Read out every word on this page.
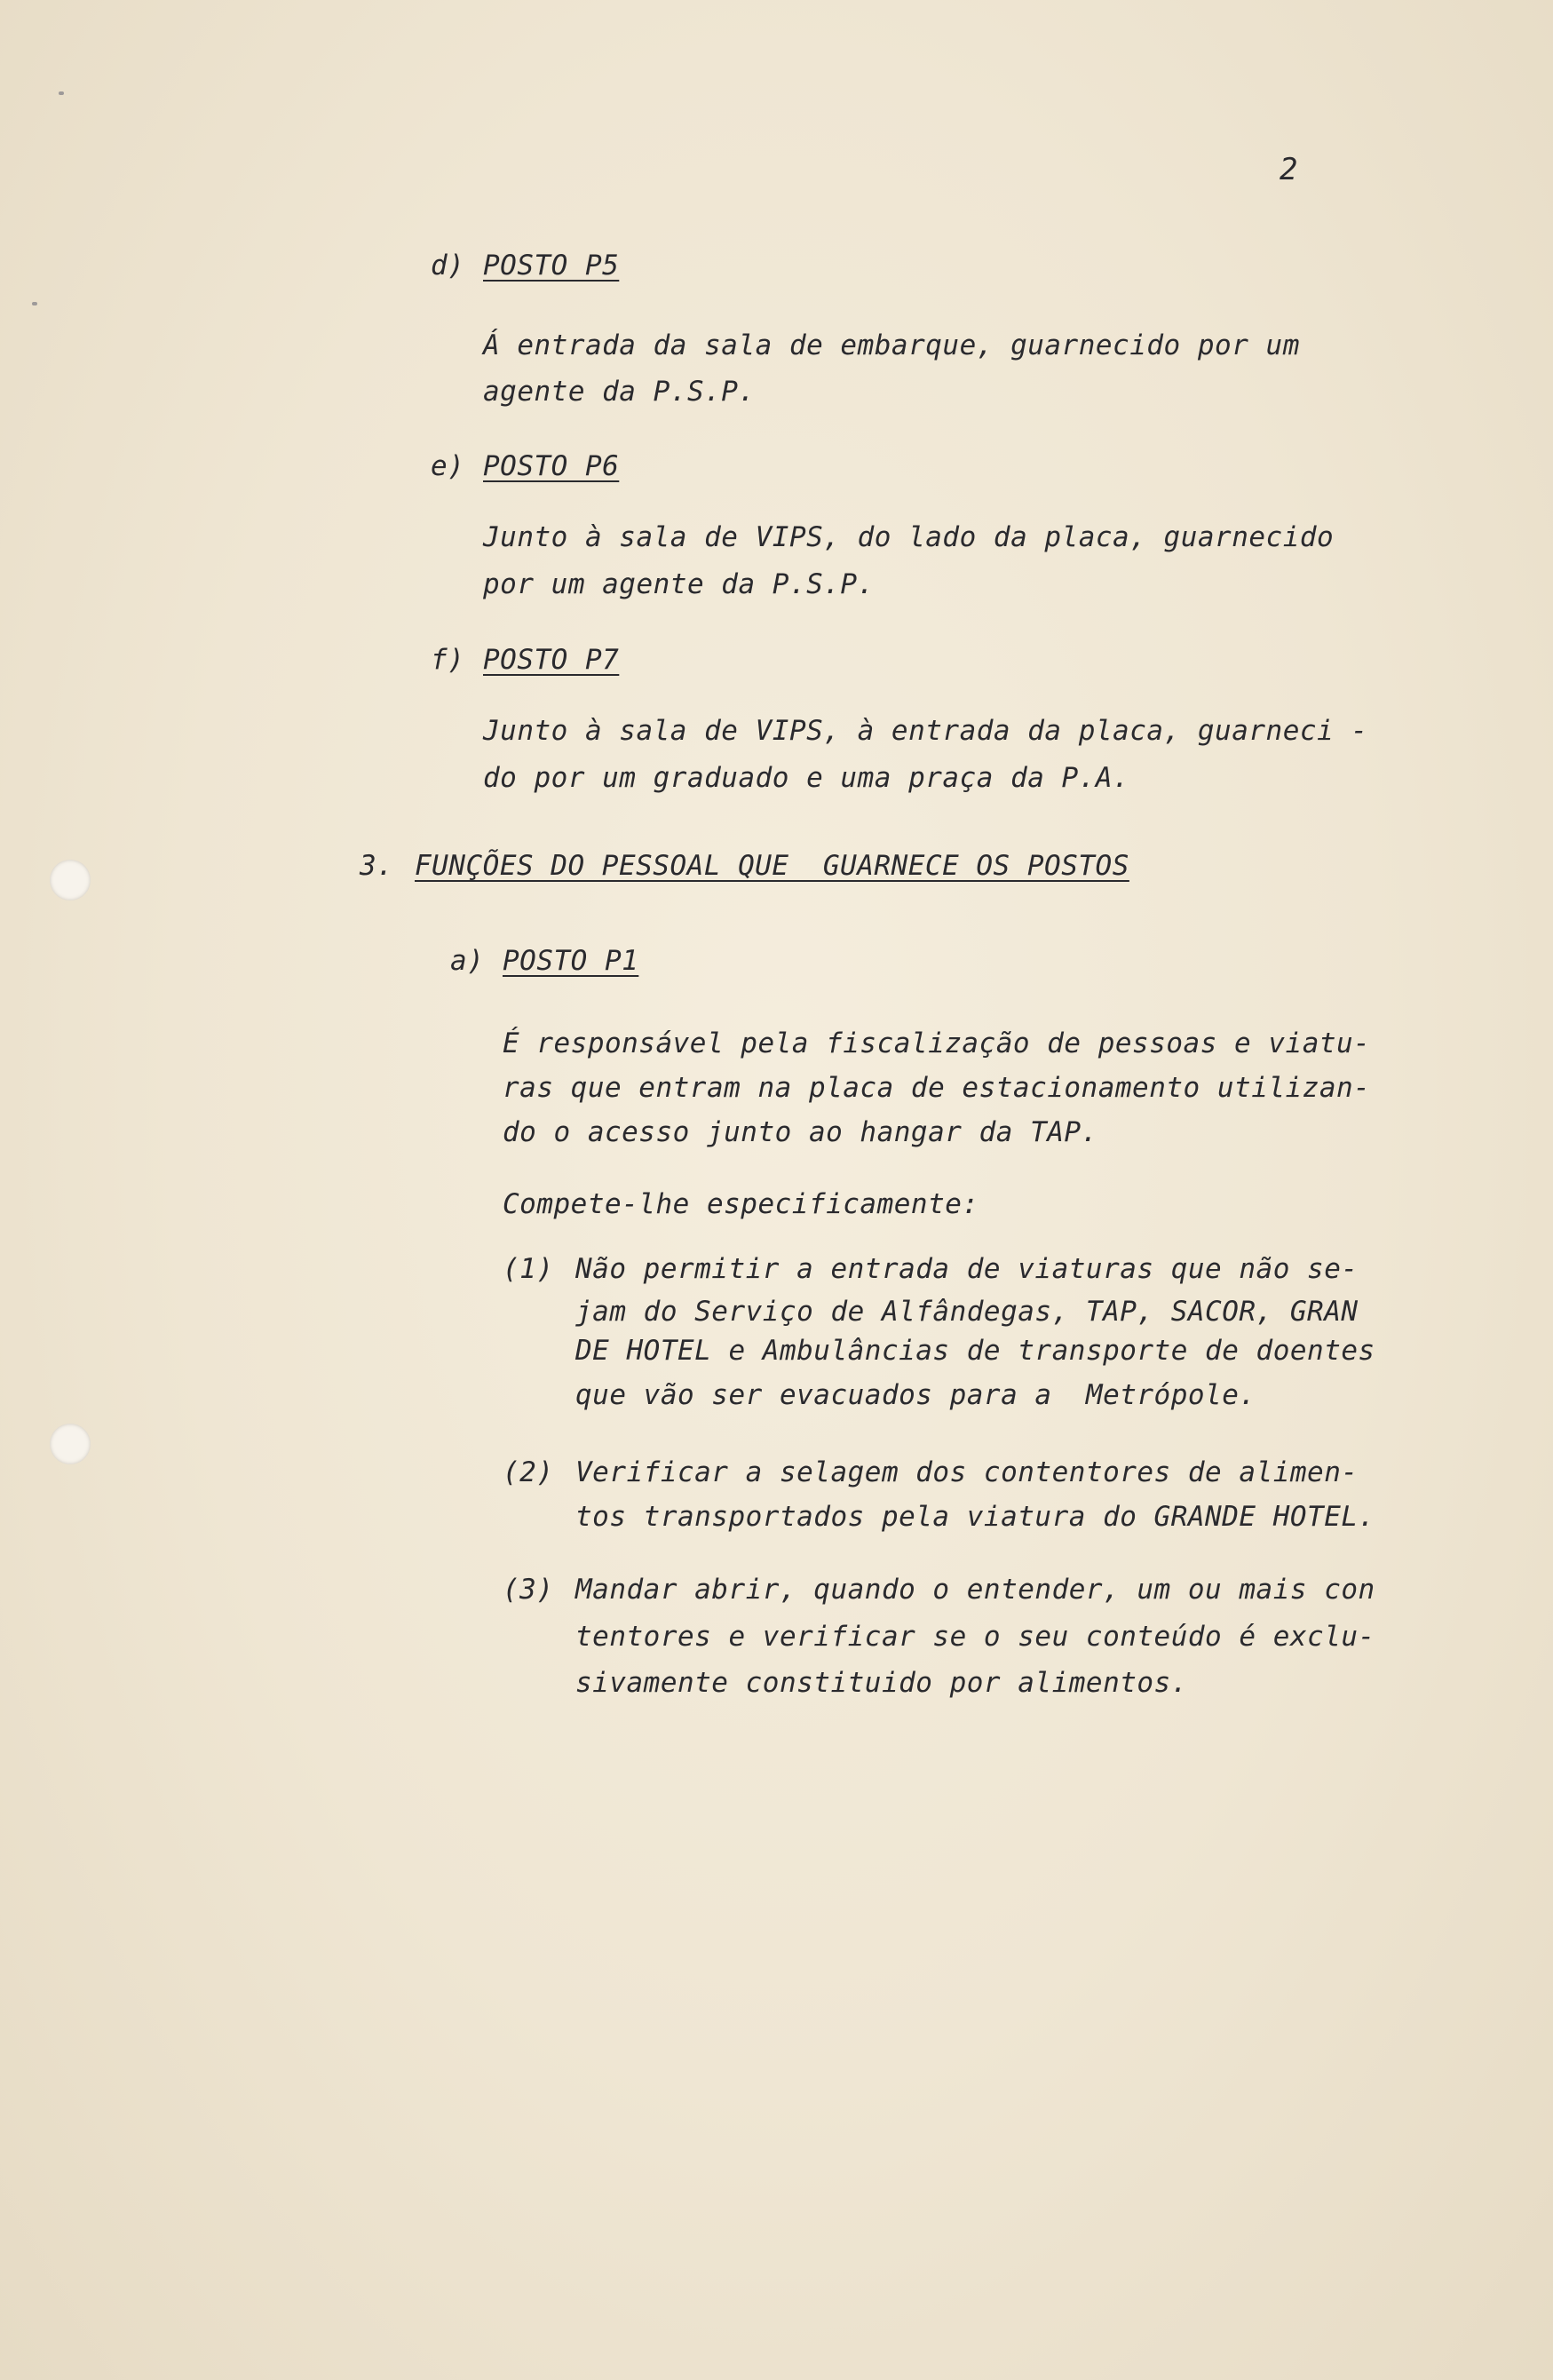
2
d) POSTO P5
Á entrada da sala de embarque, guarnecido por um
agente da P.S.P.
e) POSTO P6
Junto à sala de VIPS, do lado da placa, guarnecido
por um agente da P.S.P.
f) POSTO P7
Junto à sala de VIPS, à entrada da placa, guarneci -
do por um graduado e uma praça da P.A.
3. FUNÇÕES DO PESSOAL QUE  GUARNECE OS POSTOS
a) POSTO P1
É responsável pela fiscalização de pessoas e viatu-
ras que entram na placa de estacionamento utilizan-
do o acesso junto ao hangar da TAP.
Compete-lhe especificamente:
(1) Não permitir a entrada de viaturas que não se-
jam do Serviço de Alfândegas, TAP, SACOR, GRAN
DE HOTEL e Ambulâncias de transporte de doentes
que vão ser evacuados para a  Metrópole.
(2) Verificar a selagem dos contentores de alimen-
tos transportados pela viatura do GRANDE HOTEL.
(3) Mandar abrir, quando o entender, um ou mais con
tentores e verificar se o seu conteúdo é exclu-
sivamente constituido por alimentos.
